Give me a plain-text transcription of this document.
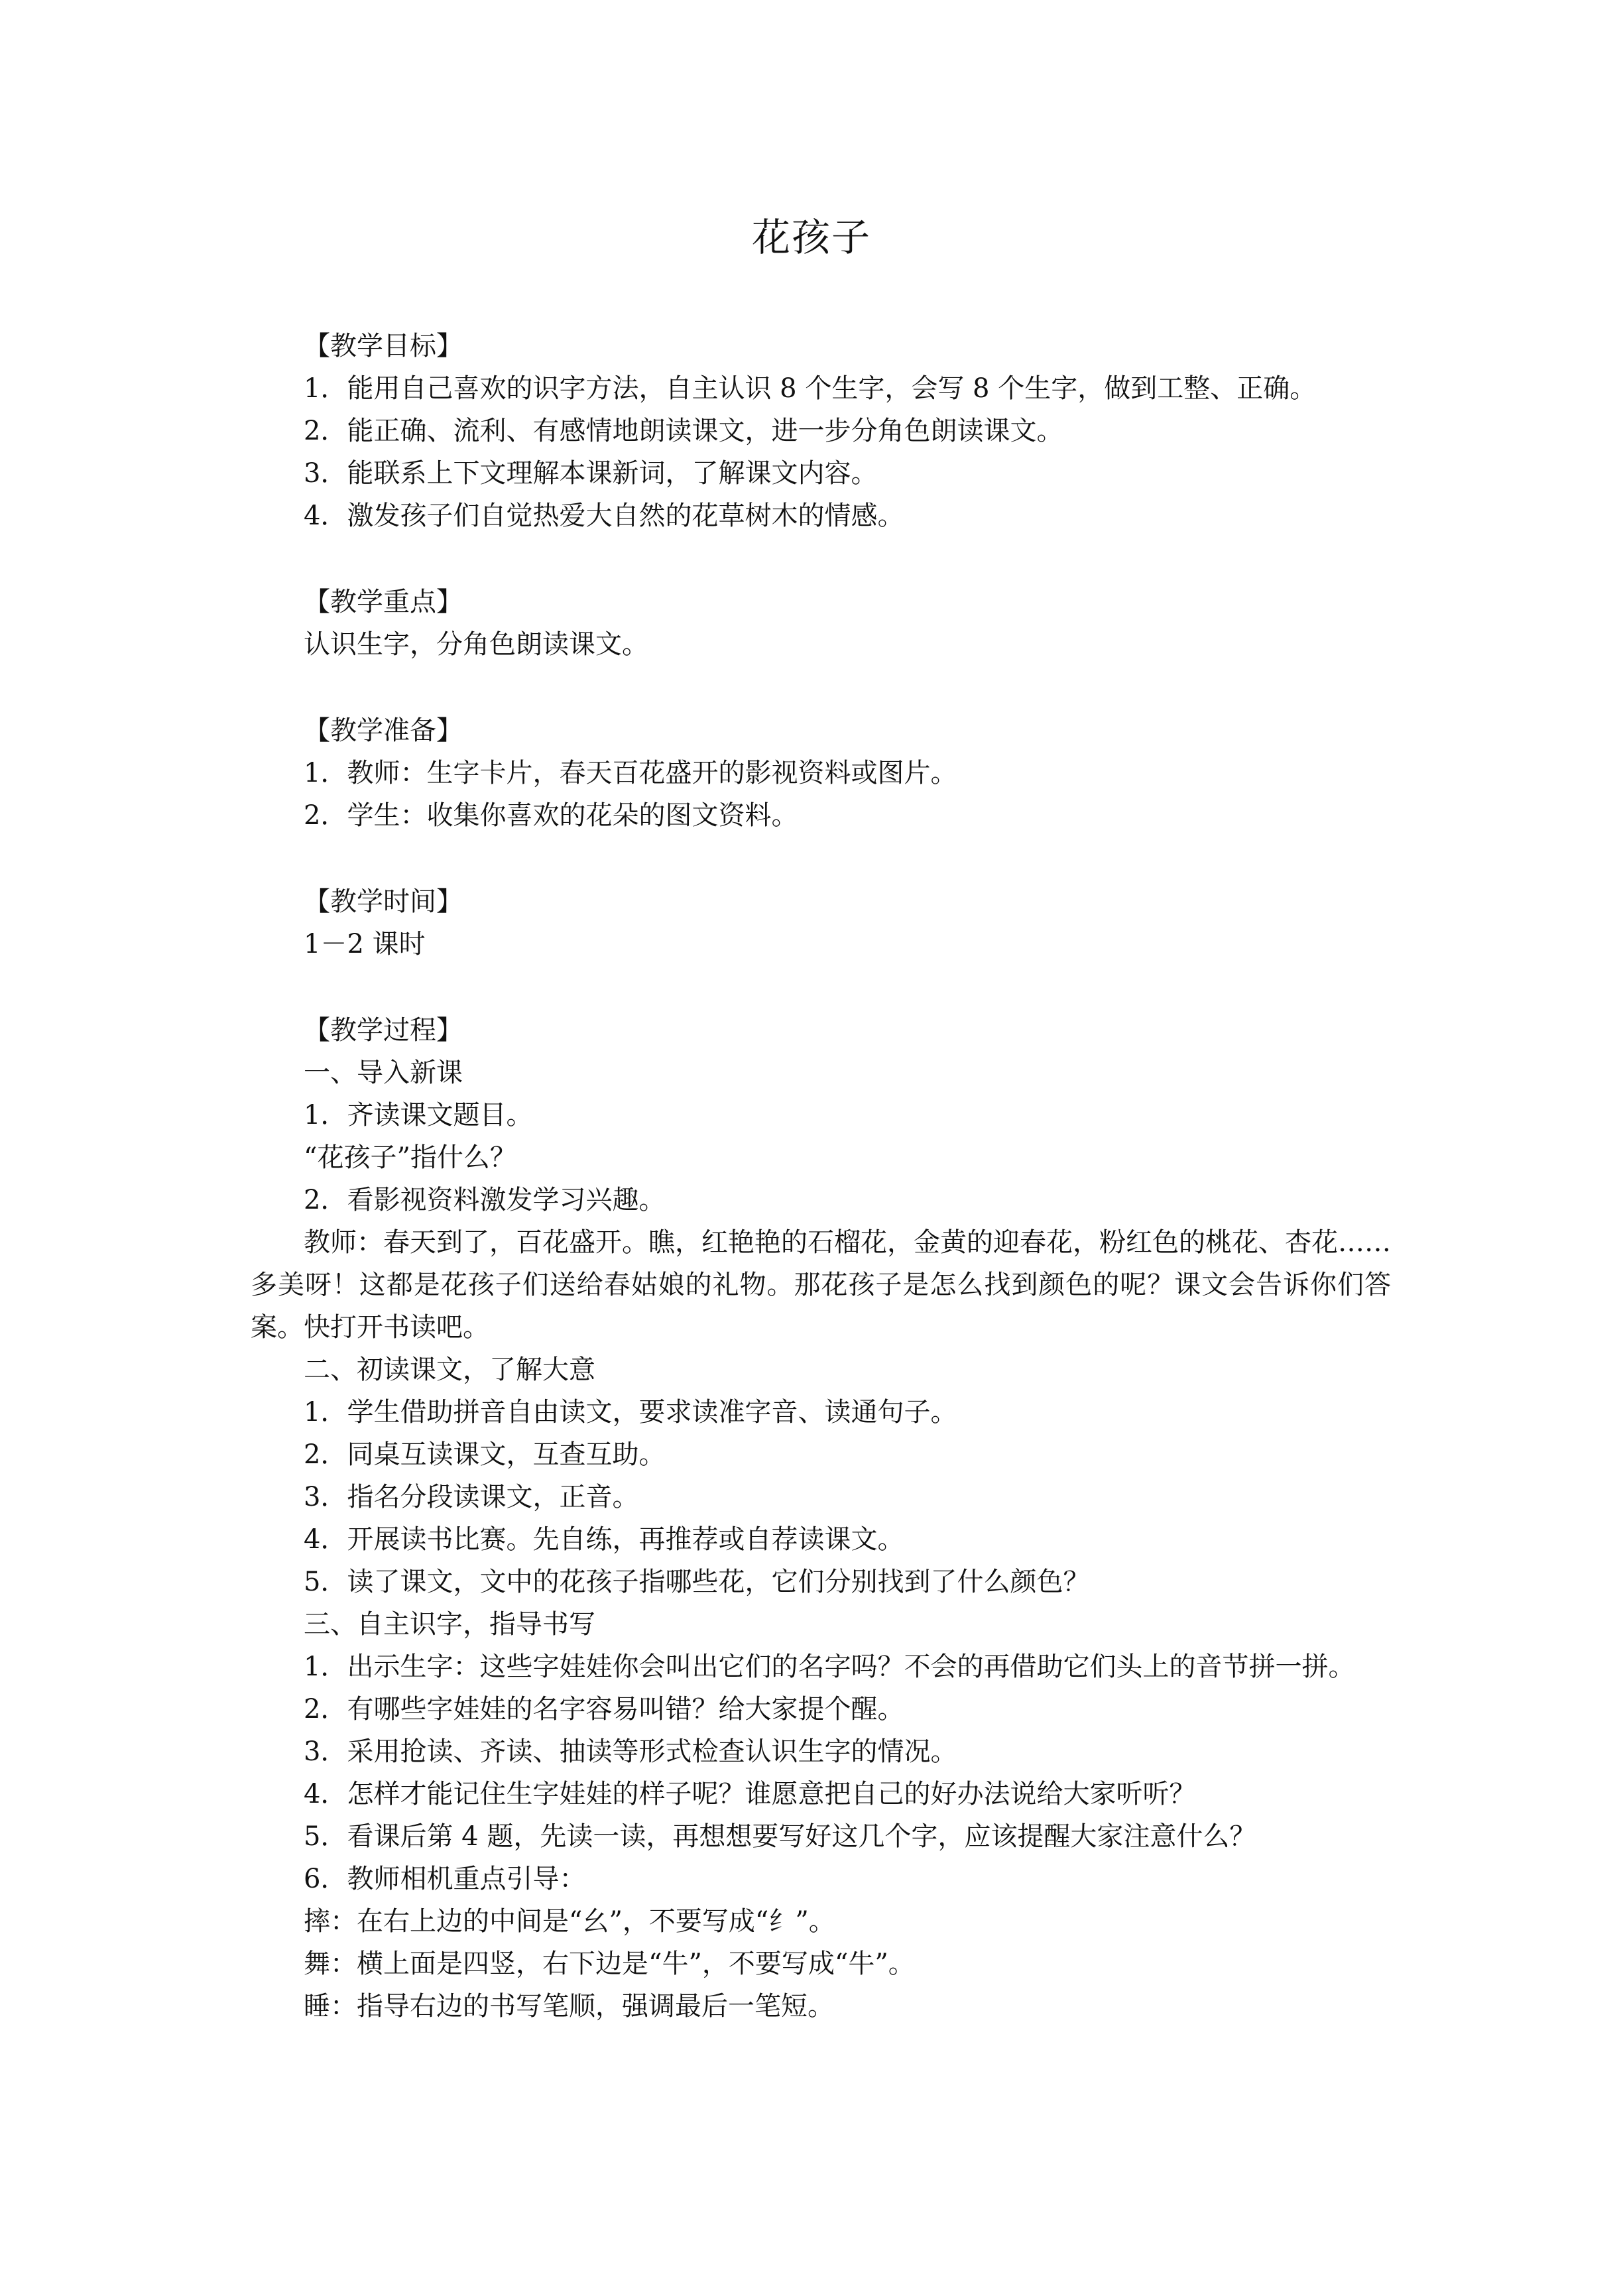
花孩子
【教学目标】
1．能用自己喜欢的识字方法，自主认识 8 个生字，会写 8 个生字，做到工整、正确。
2．能正确、流利、有感情地朗读课文，进一步分角色朗读课文。
3．能联系上下文理解本课新词，了解课文内容。
4．激发孩子们自觉热爱大自然的花草树木的情感。
【教学重点】
认识生字，分角色朗读课文。
【教学准备】
1．教师：生字卡片，春天百花盛开的影视资料或图片。
2．学生：收集你喜欢的花朵的图文资料。
【教学时间】
1－2 课时
【教学过程】
一、导入新课
1．齐读课文题目。
“花孩子”指什么？
2．看影视资料激发学习兴趣。
教师：春天到了，百花盛开。瞧，红艳艳的石榴花，金黄的迎春花，粉红色的桃花、杏花……多美呀！这都是花孩子们送给春姑娘的礼物。那花孩子是怎么找到颜色的呢？课文会告诉你们答案。快打开书读吧。
二、初读课文，了解大意
1．学生借助拼音自由读文，要求读准字音、读通句子。
2．同桌互读课文，互查互助。
3．指名分段读课文，正音。
4．开展读书比赛。先自练，再推荐或自荐读课文。
5．读了课文，文中的花孩子指哪些花，它们分别找到了什么颜色？
三、自主识字，指导书写
1．出示生字：这些字娃娃你会叫出它们的名字吗？不会的再借助它们头上的音节拼一拼。
2．有哪些字娃娃的名字容易叫错？给大家提个醒。
3．采用抢读、齐读、抽读等形式检查认识生字的情况。
4．怎样才能记住生字娃娃的样子呢？谁愿意把自己的好办法说给大家听听？
5．看课后第 4 题，先读一读，再想想要写好这几个字，应该提醒大家注意什么？
6．教师相机重点引导：
摔：在右上边的中间是“幺”，不要写成“纟”。
舞：横上面是四竖，右下边是“牛”，不要写成“牛”。
睡：指导右边的书写笔顺，强调最后一笔短。
